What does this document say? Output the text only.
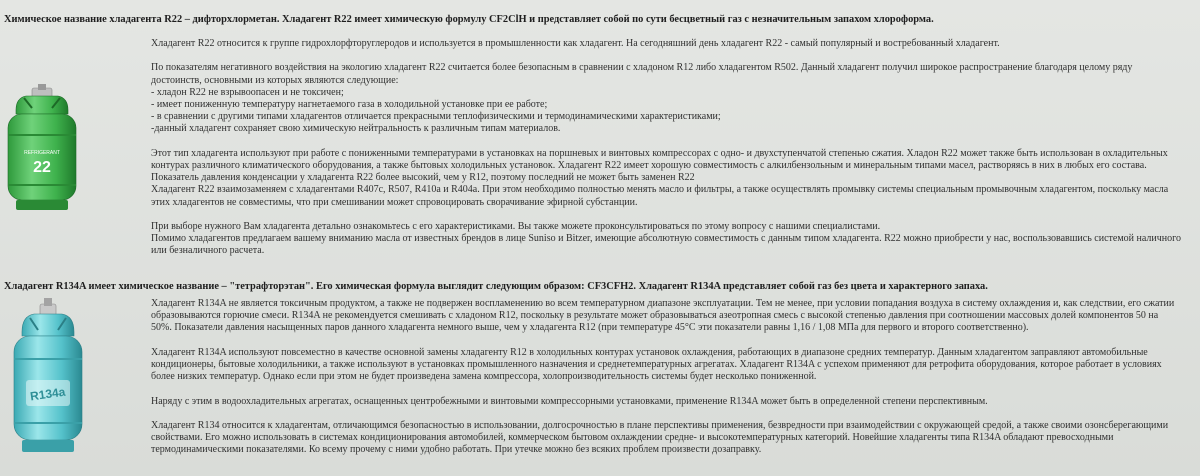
Химическое название хладагента R22 – дифторхлорметан. Хладагент R22 имеет химическую формулу CF2ClH и представляет собой по сути бесцветный газ с незначительным запахом хлороформа.
REFRIGERANT
22

Хладагент R22 относится к группе гидрохлорфторуглеродов и используется в промышленности как хладагент. На сегодняшний день хладагент R22 - самый популярный и востребованный хладагент.

По показателям негативного воздействия на экологию хладагент R22 считается более безопасным в сравнении с хладоном R12 либо хладагентом R502. Данный хладагент получил широкое распространение благодаря целому ряду

достоинств, основными из которых являются следующие:

- хладон R22 не взрывоопасен и не токсичен;

- имеет пониженную температуру нагнетаемого газа в холодильной установке при ее работе;

- в сравнении с другими типами хладагентов отличается прекрасными теплофизическими и термодинамическими характеристиками;

-данный хладагент сохраняет свою химическую нейтральность к различным типам материалов.

Этот тип хладагента используют при работе с пониженными температурами в установках на поршневых и винтовых компрессорах с одно- и двухступенчатой степенью сжатия. Хладон R22 может также быть использован в охладительных

контурах различного климатического оборудования, а также бытовых холодильных установок. Хладагент R22 имеет хорошую совместимость с алкилбензольным и минеральным типами масел, растворяясь в них в любых его состава.

Показатель давления конденсации у хладагента R22 более высокий, чем у R12, поэтому последний не может быть заменен R22

Хладагент R22 взаимозаменяем с хладагентами R407c, R507, R410a и R404a. При этом необходимо полностью менять масло и фильтры, а также осуществлять промывку системы специальным промывочным хладагентом, поскольку масла

этих хладагентов не совместимы, что при смешивании может спровоцировать сворачивание эфирной субстанции.

При выборе нужного Вам хладагента детально ознакомьтесь с его характеристиками. Вы также можете проконсультироваться по этому вопросу с нашими специалистами.

Помимо хладагентов предлагаем вашему вниманию масла от известных брендов в лице Suniso и Bitzer, имеющие абсолютную совместимость с данным типом хладагента. R22 можно приобрести у нас, воспользовавшись системой наличного

или безналичного расчета.

Хладагент R134A имеет химическое название – "тетрафторэтан". Его химическая формула выглядит следующим образом: CF3CFH2. Хладагент R134A представляет собой газ без цвета и характерного запаха.
R134a

Хладагент R134A не является токсичным продуктом, а также не подвержен воспламенению во всем температурном диапазоне эксплуатации. Тем не менее, при условии попадания воздуха в систему охлаждения и, как следствии, его сжатии

образовываются горючие смеси. R134A не рекомендуется смешивать с хладоном R12, поскольку в результате может образовываться азеотропная смесь с высокой степенью давления при соотношении массовых долей компонентов 50 на

50%. Показатели давления насыщенных паров данного хладагента немного выше, чем у хладагента R12 (при температуре 45°С эти показатели равны 1,16 / 1,08 МПа для первого и второго соответственно).

Хладагент R134A используют повсеместно в качестве основной замены хладагенту R12 в холодильных контурах установок охлаждения, работающих в диапазоне средних температур. Данным хладагентом заправляют автомобильные

кондиционеры, бытовые холодильники, а также используют в установках промышленного назначения и среднетемпературных агрегатах. Хладагент R134A с успехом применяют для ретрофита оборудования, которое работает в условиях

более низких температур. Однако если при этом не будет произведена замена компрессора, холопроизводительность системы будет несколько пониженной.

Наряду с этим в водоохладительных агрегатах, оснащенных центробежными и винтовыми компрессорными установками, применение R134A может быть в определенной степени перспективным.

Хладагент R134 относится к хладагентам, отличающимся безопасностью в использовании, долгосрочностью в плане перспективы применения, безвредности при взаимодействии с окружающей средой, а также своими озонсберегающими

свойствами. Его можно использовать в системах кондиционирования автомобилей, коммерческом бытовом охлаждении средне- и высокотемпературных категорий. Новейшие хладагенты типа R134A обладают превосходными

термодинамическими показателями. Ко всему прочему с ними удобно работать. При утечке можно без всяких проблем произвести дозаправку.
